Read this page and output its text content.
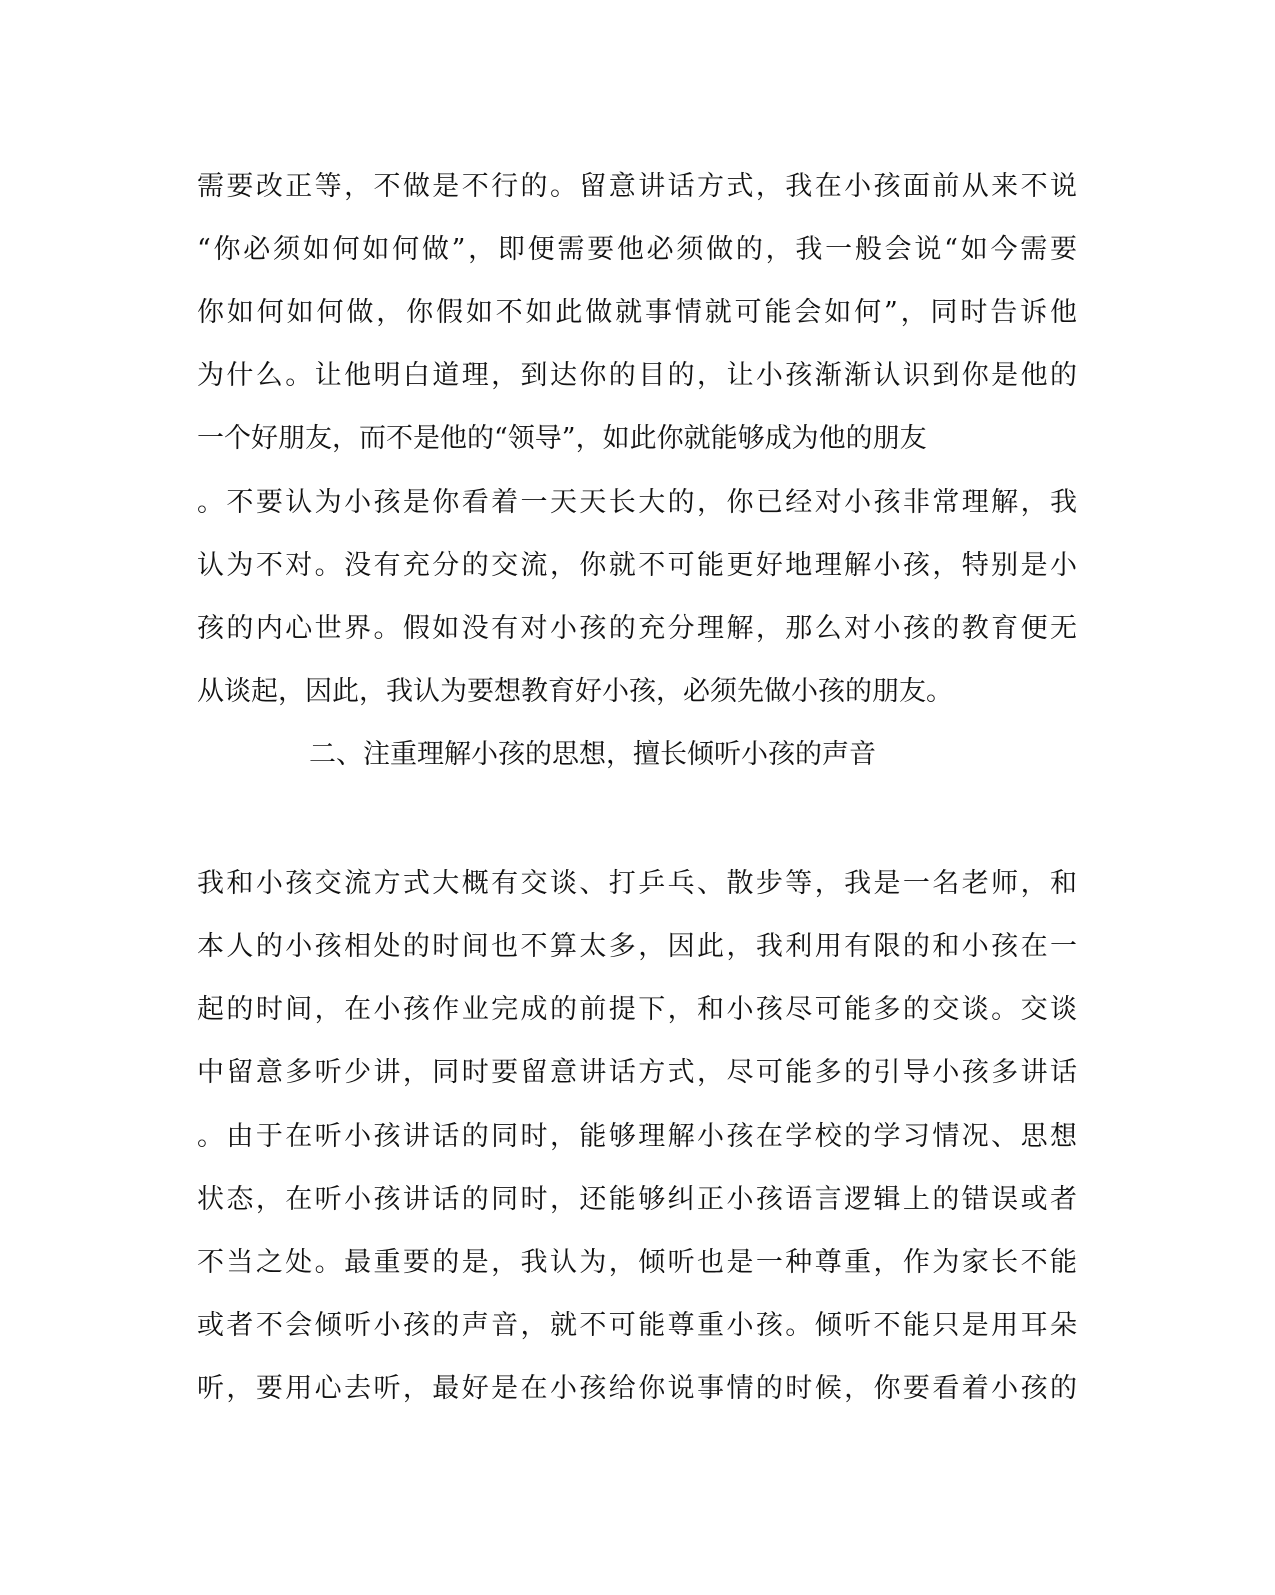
需要改正等，不做是不行的。留意讲话方式，我在小孩面前从来不说
“你必须如何如何做”，即便需要他必须做的，我一般会说“如今需要
你如何如何做，你假如不如此做就事情就可能会如何”，同时告诉他
为什么。让他明白道理，到达你的目的，让小孩渐渐认识到你是他的
一个好朋友，而不是他的“领导”，如此你就能够成为他的朋友
。不要认为小孩是你看着一天天长大的，你已经对小孩非常理解，我
认为不对。没有充分的交流，你就不可能更好地理解小孩，特别是小
孩的内心世界。假如没有对小孩的充分理解，那么对小孩的教育便无
从谈起，因此，我认为要想教育好小孩，必须先做小孩的朋友。
二、注重理解小孩的思想，擅长倾听小孩的声音
我和小孩交流方式大概有交谈、打乒乓、散步等，我是一名老师，和
本人的小孩相处的时间也不算太多，因此，我利用有限的和小孩在一
起的时间，在小孩作业完成的前提下，和小孩尽可能多的交谈。交谈
中留意多听少讲，同时要留意讲话方式，尽可能多的引导小孩多讲话
。由于在听小孩讲话的同时，能够理解小孩在学校的学习情况、思想
状态，在听小孩讲话的同时，还能够纠正小孩语言逻辑上的错误或者
不当之处。最重要的是，我认为，倾听也是一种尊重，作为家长不能
或者不会倾听小孩的声音，就不可能尊重小孩。倾听不能只是用耳朵
听，要用心去听，最好是在小孩给你说事情的时候，你要看着小孩的
